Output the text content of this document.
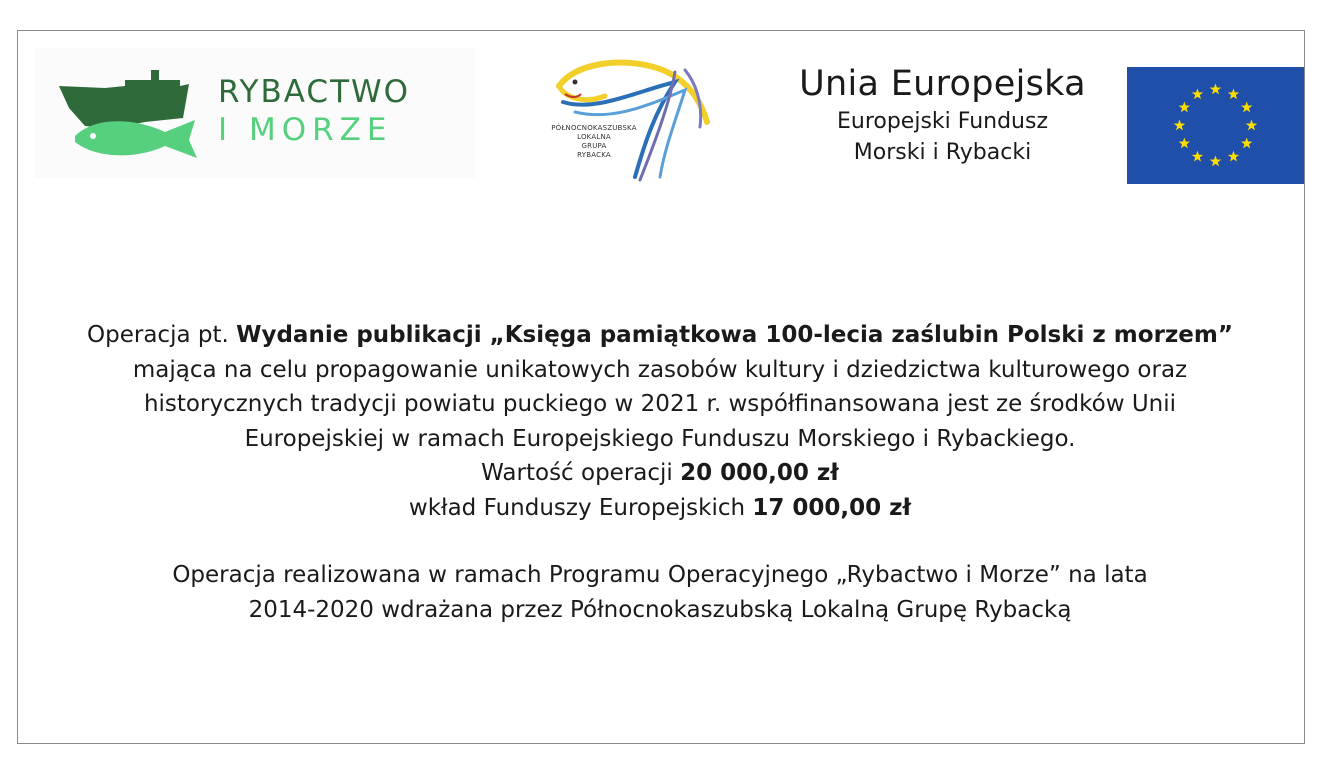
RYBACTWO
I MORZE	PÓŁNOCNOKASZUBSKA
LOKALNA
GRUPA
RYBACKA
Unia Europejska
Europejski Fundusz
Morski i Rybacki

Operacja pt. Wydanie publikacji „Księga pamiątkowa 100-lecia zaślubin Polski z morzem”

mająca na celu propagowanie unikatowych zasobów kultury i dziedzictwa kulturowego oraz

historycznych tradycji powiatu puckiego w 2021 r. współfinansowana jest ze środków Unii

Europejskiej w ramach Europejskiego Funduszu Morskiego i Rybackiego.

Wartość operacji 20 000,00 zł

wkład Funduszy Europejskich 17 000,00 zł

Operacja realizowana w ramach Programu Operacyjnego „Rybactwo i Morze” na lata

2014-2020 wdrażana przez Północnokaszubską Lokalną Grupę Rybacką
